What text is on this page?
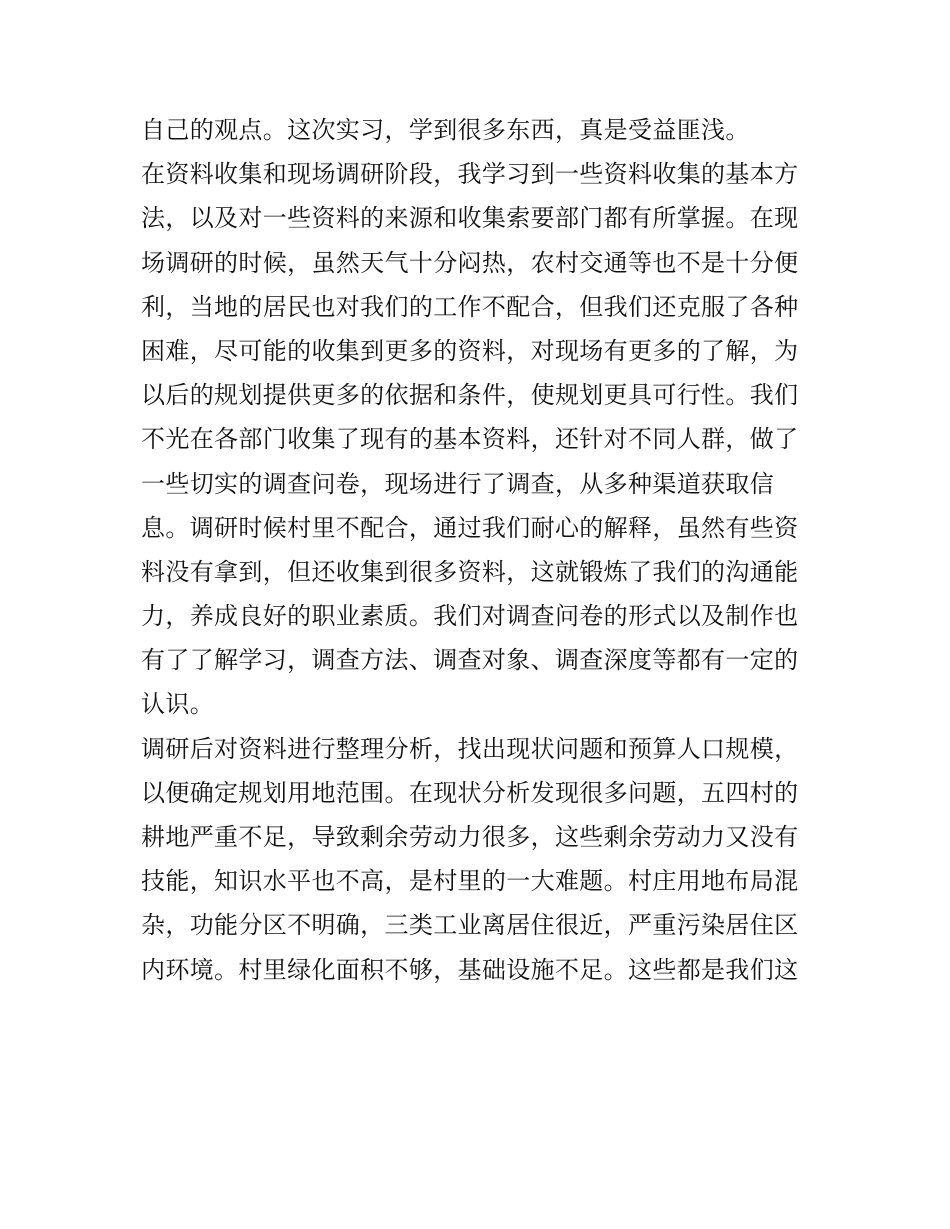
自己的观点。这次实习，学到很多东西，真是受益匪浅。
在资料收集和现场调研阶段，我学习到一些资料收集的基本方
法，以及对一些资料的来源和收集索要部门都有所掌握。在现
场调研的时候，虽然天气十分闷热，农村交通等也不是十分便
利，当地的居民也对我们的工作不配合，但我们还克服了各种
困难，尽可能的收集到更多的资料，对现场有更多的了解，为
以后的规划提供更多的依据和条件，使规划更具可行性。我们
不光在各部门收集了现有的基本资料，还针对不同人群，做了
一些切实的调查问卷，现场进行了调查，从多种渠道获取信
息。调研时候村里不配合，通过我们耐心的解释，虽然有些资
料没有拿到，但还收集到很多资料，这就锻炼了我们的沟通能
力，养成良好的职业素质。我们对调查问卷的形式以及制作也
有了了解学习，调查方法、调查对象、调查深度等都有一定的
认识。
调研后对资料进行整理分析，找出现状问题和预算人口规模，
以便确定规划用地范围。在现状分析发现很多问题，五四村的
耕地严重不足，导致剩余劳动力很多，这些剩余劳动力又没有
技能，知识水平也不高，是村里的一大难题。村庄用地布局混
杂，功能分区不明确，三类工业离居住很近，严重污染居住区
内环境。村里绿化面积不够，基础设施不足。这些都是我们这
